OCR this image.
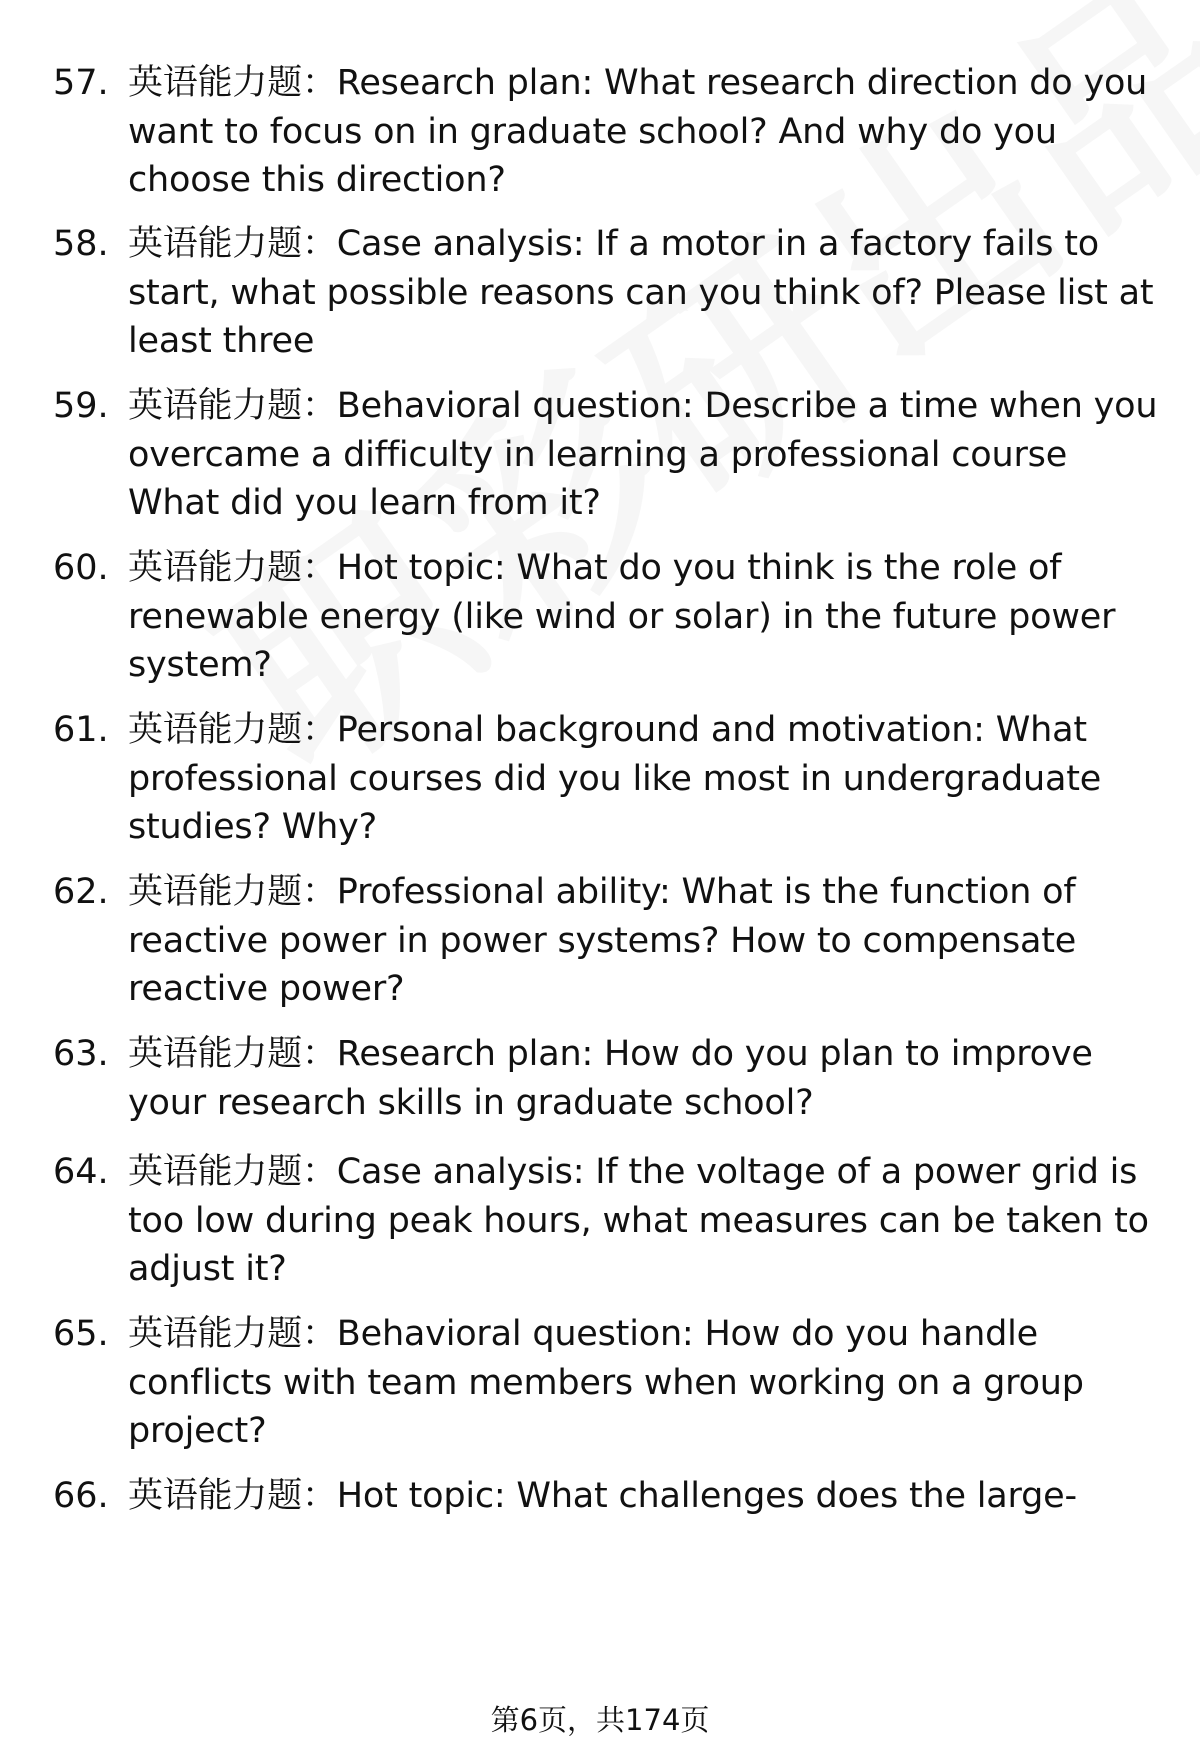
57. 英语能力题：Research plan: What research direction do you
want to focus on in graduate school? And why do you
choose this direction?
58. 英语能力题：Case analysis: If a motor in a factory fails to
start, what possible reasons can you think of? Please list at
least three
59. 英语能力题：Behavioral question: Describe a time when you
overcame a difficulty in learning a professional course
What did you learn from it?
60. 英语能力题：Hot topic: What do you think is the role of
renewable energy (like wind or solar) in the future power
system?
61. 英语能力题：Personal background and motivation: What
professional courses did you like most in undergraduate
studies? Why?
62. 英语能力题：Professional ability: What is the function of
reactive power in power systems? How to compensate
reactive power?
63. 英语能力题：Research plan: How do you plan to improve
your research skills in graduate school?
64. 英语能力题：Case analysis: If the voltage of a power grid is
too low during peak hours, what measures can be taken to
adjust it?
65. 英语能力题：Behavioral question: How do you handle
conflicts with team members when working on a group
project?
66. 英语能力题：Hot topic: What challenges does the large-
第6页，共174页
